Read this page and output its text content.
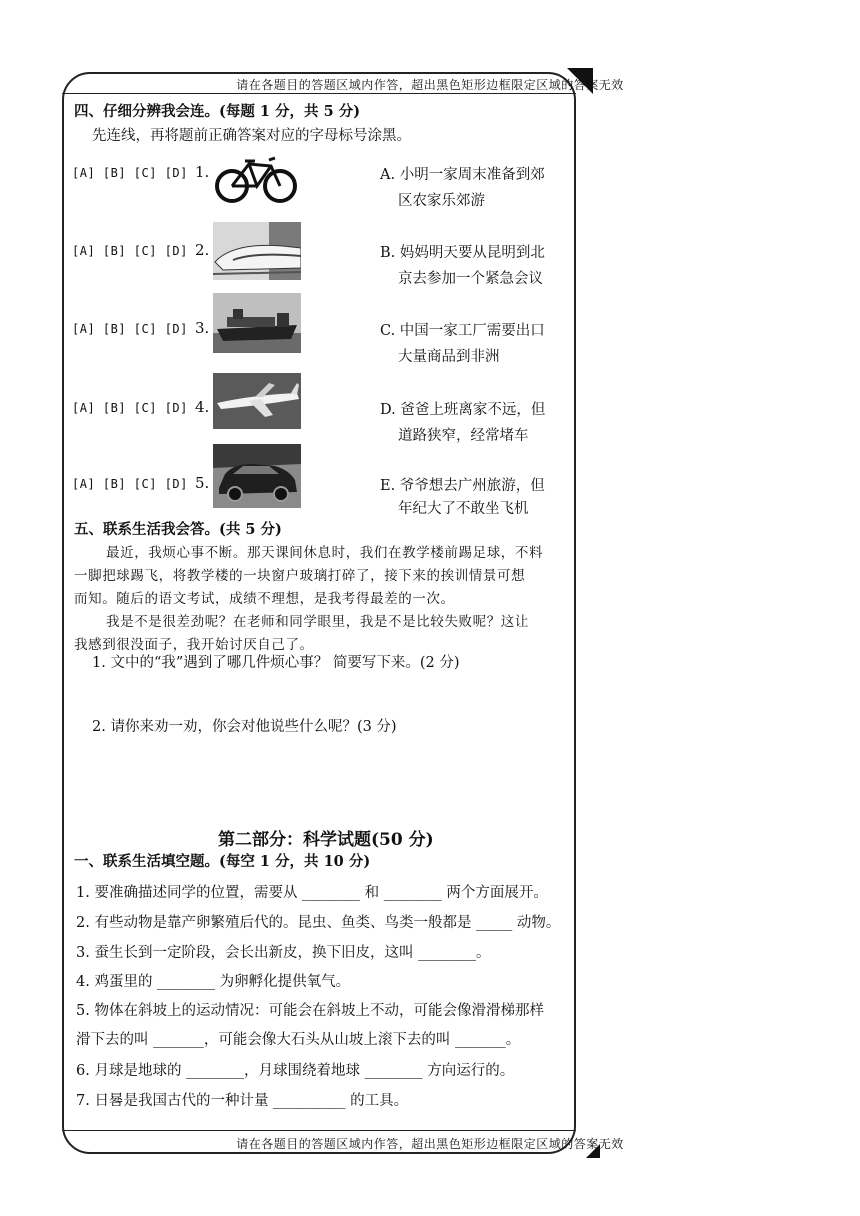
请在各题目的答题区域内作答，超出黑色矩形边框限定区域的答案无效
四、仔细分辨我会连。(每题 1 分，共 5 分)
先连线，再将题前正确答案对应的字母标号涂黑。
[A] [B] [C] [D] 1.	A. 小明一家周末准备到郊
区农家乐郊游
[A] [B] [C] [D] 2.	B. 妈妈明天要从昆明到北
京去参加一个紧急会议
[A] [B] [C] [D] 3.	C. 中国一家工厂需要出口
大量商品到非洲
[A] [B] [C] [D] 4.	D. 爸爸上班离家不远，但
道路狭窄，经常堵车
[A] [B] [C] [D] 5.	E. 爷爷想去广州旅游，但
年纪大了不敢坐飞机
五、联系生活我会答。(共 5 分)
最近，我烦心事不断。那天课间休息时，我们在教学楼前踢足球，不料
一脚把球踢飞，将教学楼的一块窗户玻璃打碎了，接下来的挨训情景可想
而知。随后的语文考试，成绩不理想，是我考得最差的一次。
我是不是很差劲呢？在老师和同学眼里，我是不是比较失败呢？这让
我感到很没面子，我开始讨厌自己了。
1. 文中的“我”遇到了哪几件烦心事？ 简要写下来。(2 分)
2. 请你来劝一劝，你会对他说些什么呢？(3 分)
第二部分：科学试题(50 分)
一、联系生活填空题。(每空 1 分，共 10 分)
1. 要准确描述同学的位置，需要从 ________ 和 ________ 两个方面展开。
2. 有些动物是靠产卵繁殖后代的。昆虫、鱼类、鸟类一般都是 _____ 动物。
3. 蚕生长到一定阶段，会长出新皮，换下旧皮，这叫 ________。
4. 鸡蛋里的 ________ 为卵孵化提供氧气。
5. 物体在斜坡上的运动情况：可能会在斜坡上不动，可能会像滑滑梯那样
滑下去的叫 _______，可能会像大石头从山坡上滚下去的叫 _______。
6. 月球是地球的 ________，月球围绕着地球 ________ 方向运行的。
7. 日晷是我国古代的一种计量 __________ 的工具。
请在各题目的答题区域内作答，超出黑色矩形边框限定区域的答案无效
